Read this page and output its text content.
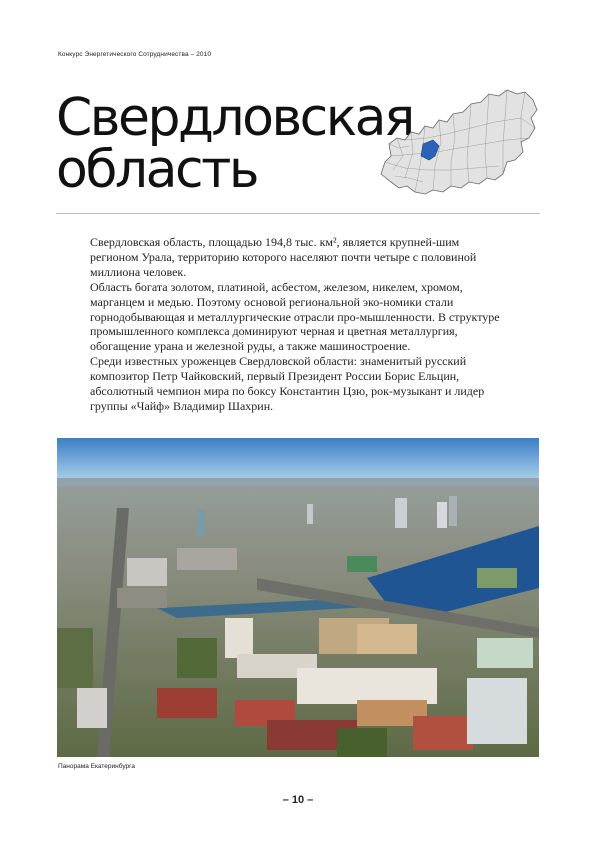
Конкурс Энергетического Сотрудничества – 2010
Свердловская
область

Свердловская область, площадью 194,8 тыс. км², является крупней-шим регионом Урала, территорию которого населяют почти четыре с половиной миллиона человек.

Область богата золотом, платиной, асбестом, железом, никелем, хромом, марганцем и медью. Поэтому основой региональной эко-номики стали горнодобывающая и металлургические отрасли про-мышленности. В структуре промышленного комплекса доминируют черная и цветная металлургия, обогащение урана и железной руды, а также машиностроение.

Среди известных уроженцев Свердловской области: знаменитый русский композитор Петр Чайковский, первый Президент России Борис Ельцин, абсолютный чемпион мира по боксу Константин Цзю, рок-музыкант и лидер группы «Чайф» Владимир Шахрин.

Панорама Екатеринбурга
– 10 –
